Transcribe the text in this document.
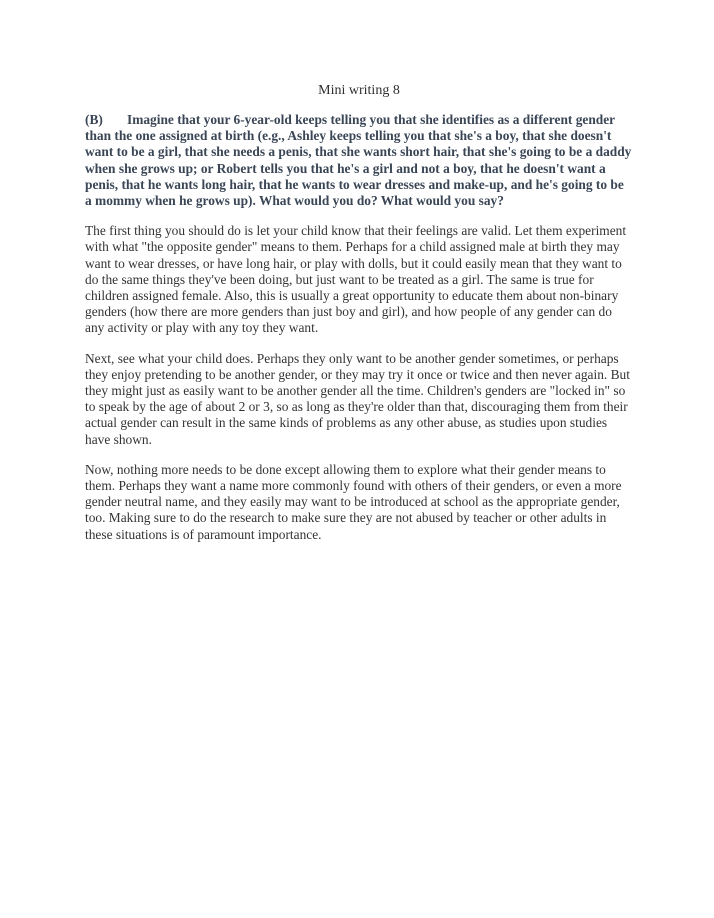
Mini writing 8

(B) Imagine that your 6-year-old keeps telling you that she identifies as a different gender than the one assigned at birth (e.g., Ashley keeps telling you that she's a boy, that she doesn't want to be a girl, that she needs a penis, that she wants short hair, that she's going to be a daddy when she grows up; or Robert tells you that he's a girl and not a boy, that he doesn't want a penis, that he wants long hair, that he wants to wear dresses and make-up, and he's going to be a mommy when he grows up). What would you do? What would you say?

The first thing you should do is let your child know that their feelings are valid. Let them experiment with what "the opposite gender" means to them. Perhaps for a child assigned male at birth they may want to wear dresses, or have long hair, or play with dolls, but it could easily mean that they want to do the same things they've been doing, but just want to be treated as a girl. The same is true for children assigned female. Also, this is usually a great opportunity to educate them about non-binary genders (how there are more genders than just boy and girl), and how people of any gender can do any activity or play with any toy they want.

Next, see what your child does. Perhaps they only want to be another gender sometimes, or perhaps they enjoy pretending to be another gender, or they may try it once or twice and then never again. But they might just as easily want to be another gender all the time. Children's genders are "locked in" so to speak by the age of about 2 or 3, so as long as they're older than that, discouraging them from their actual gender can result in the same kinds of problems as any other abuse, as studies upon studies have shown.

Now, nothing more needs to be done except allowing them to explore what their gender means to them. Perhaps they want a name more commonly found with others of their genders, or even a more gender neutral name, and they easily may want to be introduced at school as the appropriate gender, too. Making sure to do the research to make sure they are not abused by teacher or other adults in these situations is of paramount importance.
